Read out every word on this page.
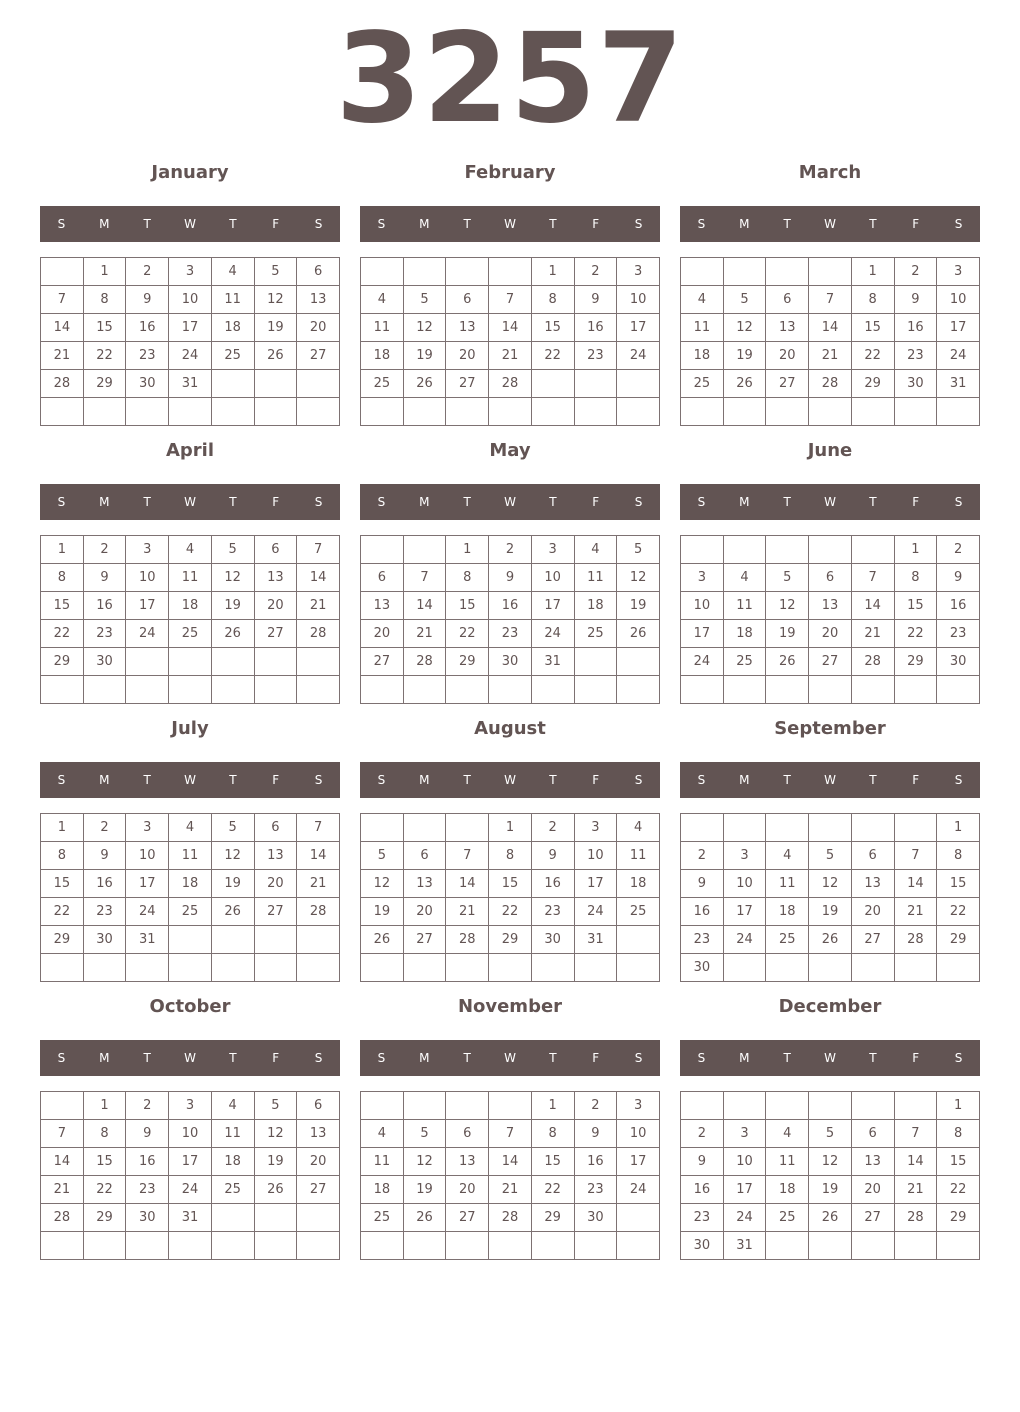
3257
January
S	M	T	W	T	F	S
	1	2	3	4	5	6
7	8	9	10	11	12	13
14	15	16	17	18	19	20
21	22	23	24	25	26	27
28	29	30	31			

February
S	M	T	W	T	F	S
				1	2	3
4	5	6	7	8	9	10
11	12	13	14	15	16	17
18	19	20	21	22	23	24
25	26	27	28			

March
S	M	T	W	T	F	S
				1	2	3
4	5	6	7	8	9	10
11	12	13	14	15	16	17
18	19	20	21	22	23	24
25	26	27	28	29	30	31

April
S	M	T	W	T	F	S
1	2	3	4	5	6	7
8	9	10	11	12	13	14
15	16	17	18	19	20	21
22	23	24	25	26	27	28
29	30					

May
S	M	T	W	T	F	S
		1	2	3	4	5
6	7	8	9	10	11	12
13	14	15	16	17	18	19
20	21	22	23	24	25	26
27	28	29	30	31		

June
S	M	T	W	T	F	S
					1	2
3	4	5	6	7	8	9
10	11	12	13	14	15	16
17	18	19	20	21	22	23
24	25	26	27	28	29	30

July
S	M	T	W	T	F	S
1	2	3	4	5	6	7
8	9	10	11	12	13	14
15	16	17	18	19	20	21
22	23	24	25	26	27	28
29	30	31				

August
S	M	T	W	T	F	S
			1	2	3	4
5	6	7	8	9	10	11
12	13	14	15	16	17	18
19	20	21	22	23	24	25
26	27	28	29	30	31	

September
S	M	T	W	T	F	S
						1
2	3	4	5	6	7	8
9	10	11	12	13	14	15
16	17	18	19	20	21	22
23	24	25	26	27	28	29
30						
October
S	M	T	W	T	F	S
	1	2	3	4	5	6
7	8	9	10	11	12	13
14	15	16	17	18	19	20
21	22	23	24	25	26	27
28	29	30	31			

November
S	M	T	W	T	F	S
				1	2	3
4	5	6	7	8	9	10
11	12	13	14	15	16	17
18	19	20	21	22	23	24
25	26	27	28	29	30	

December
S	M	T	W	T	F	S
						1
2	3	4	5	6	7	8
9	10	11	12	13	14	15
16	17	18	19	20	21	22
23	24	25	26	27	28	29
30	31					
